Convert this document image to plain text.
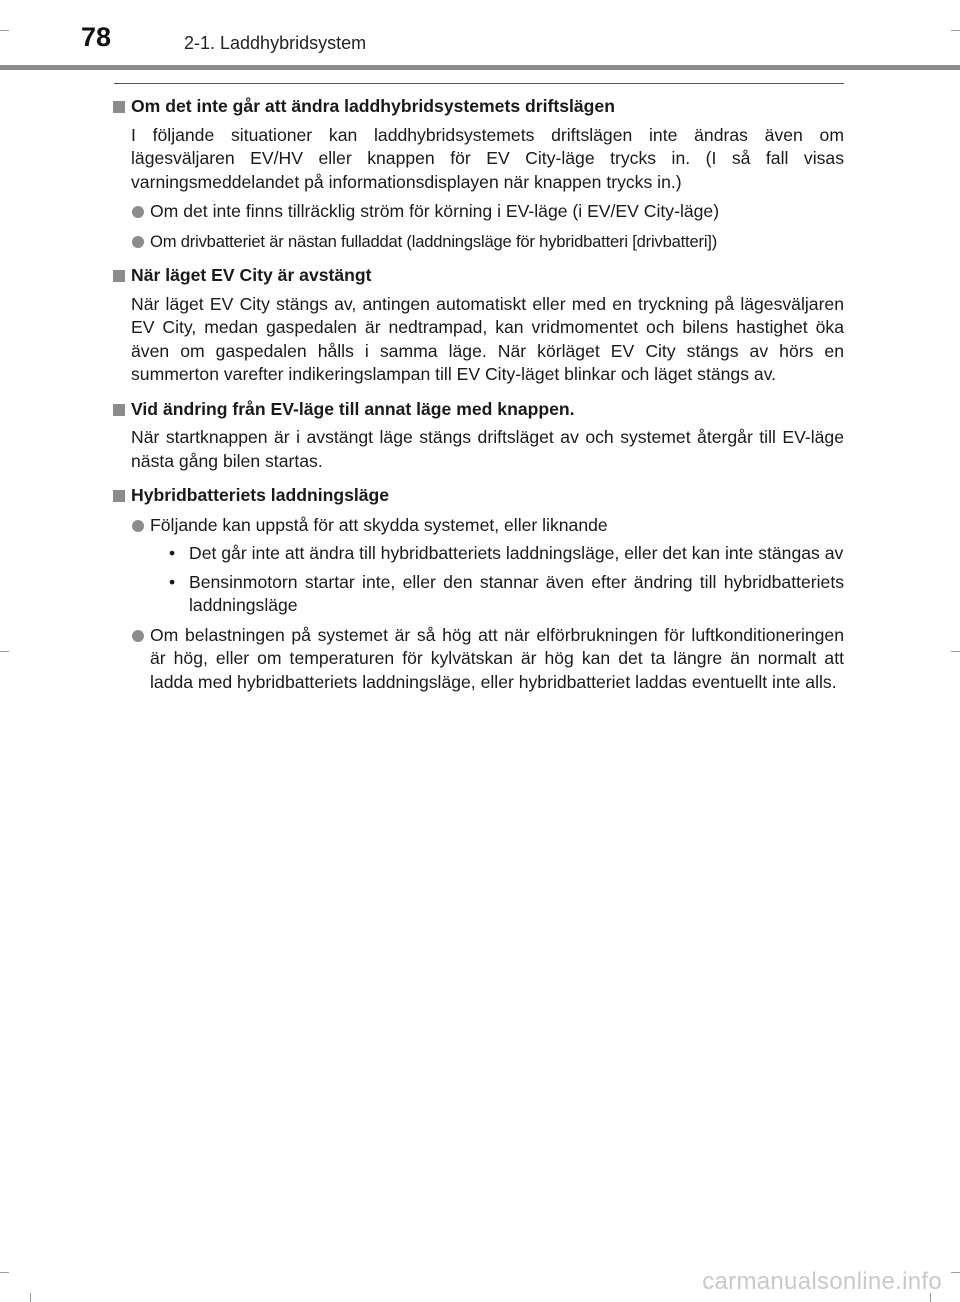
78	2-1. Laddhybridsystem

Om det inte går att ändra laddhybridsystemets driftslägen

I följande situationer kan laddhybridsystemets driftslägen inte ändras även om lägesväljaren EV/HV eller knappen för EV City-läge trycks in. (I så fall visas varningsmeddelandet på informationsdisplayen när knappen trycks in.)

Om det inte finns tillräcklig ström för körning i EV-läge (i EV/EV City-läge)

Om drivbatteriet är nästan fulladdat (laddningsläge för hybridbatteri [drivbatteri])

När läget EV City är avstängt

När läget EV City stängs av, antingen automatiskt eller med en tryckning på lägesväljaren EV City, medan gaspedalen är nedtrampad, kan vridmomentet och bilens hastighet öka även om gaspedalen hålls i samma läge. När körläget EV City stängs av hörs en summerton varefter indikeringslampan till EV City-läget blinkar och läget stängs av.

Vid ändring från EV-läge till annat läge med knappen.

När startknappen är i avstängt läge stängs driftsläget av och systemet återgår till EV-läge nästa gång bilen startas.

Hybridbatteriets laddningsläge

Följande kan uppstå för att skydda systemet, eller liknande

• Det går inte att ändra till hybridbatteriets laddningsläge, eller det kan inte stängas av

• Bensinmotorn startar inte, eller den stannar även efter ändring till hybridbatteriets laddningsläge

Om belastningen på systemet är så hög att när elförbrukningen för luftkonditioneringen är hög, eller om temperaturen för kylvätskan är hög kan det ta längre än normalt att ladda med hybridbatteriets laddningsläge, eller hybridbatteriet laddas eventuellt inte alls.

carmanualsonline.info
